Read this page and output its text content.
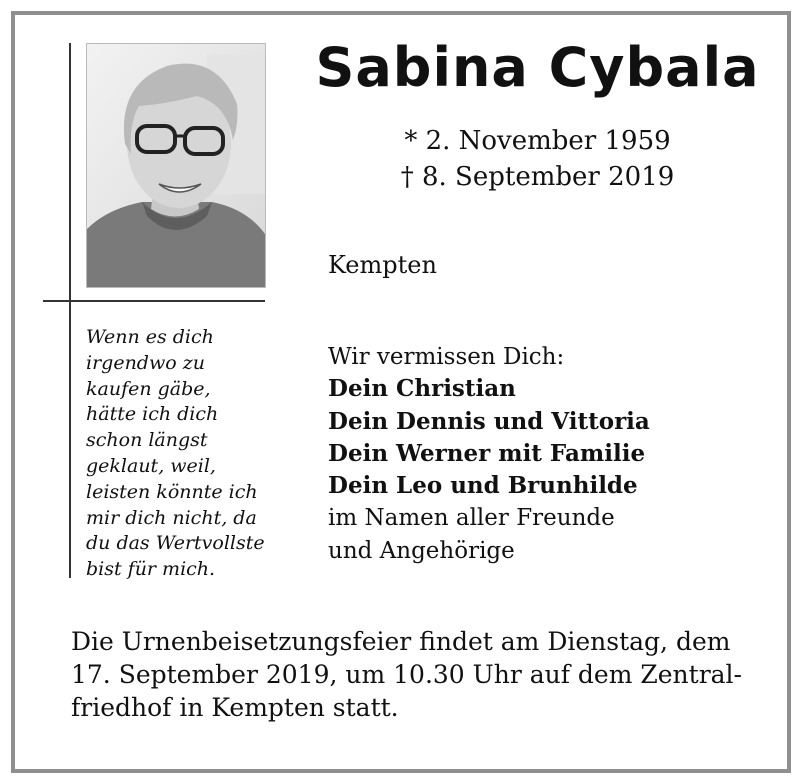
Sabina Cybala
* 2. November 1959
† 8. September 2019
Kempten
Wenn es dich
irgendwo zu
kaufen gäbe,
hätte ich dich
schon längst
geklaut, weil,
leisten könnte ich
mir dich nicht, da
du das Wertvollste
bist für mich.
Wir vermissen Dich:
Dein Christian
Dein Dennis und Vittoria
Dein Werner mit Familie
Dein Leo und Brunhilde
im Namen aller Freunde
und Angehörige
Die Urnenbeisetzungsfeier findet am Dienstag, dem
17. September 2019, um 10.30 Uhr auf dem Zentral-
friedhof in Kempten statt.
